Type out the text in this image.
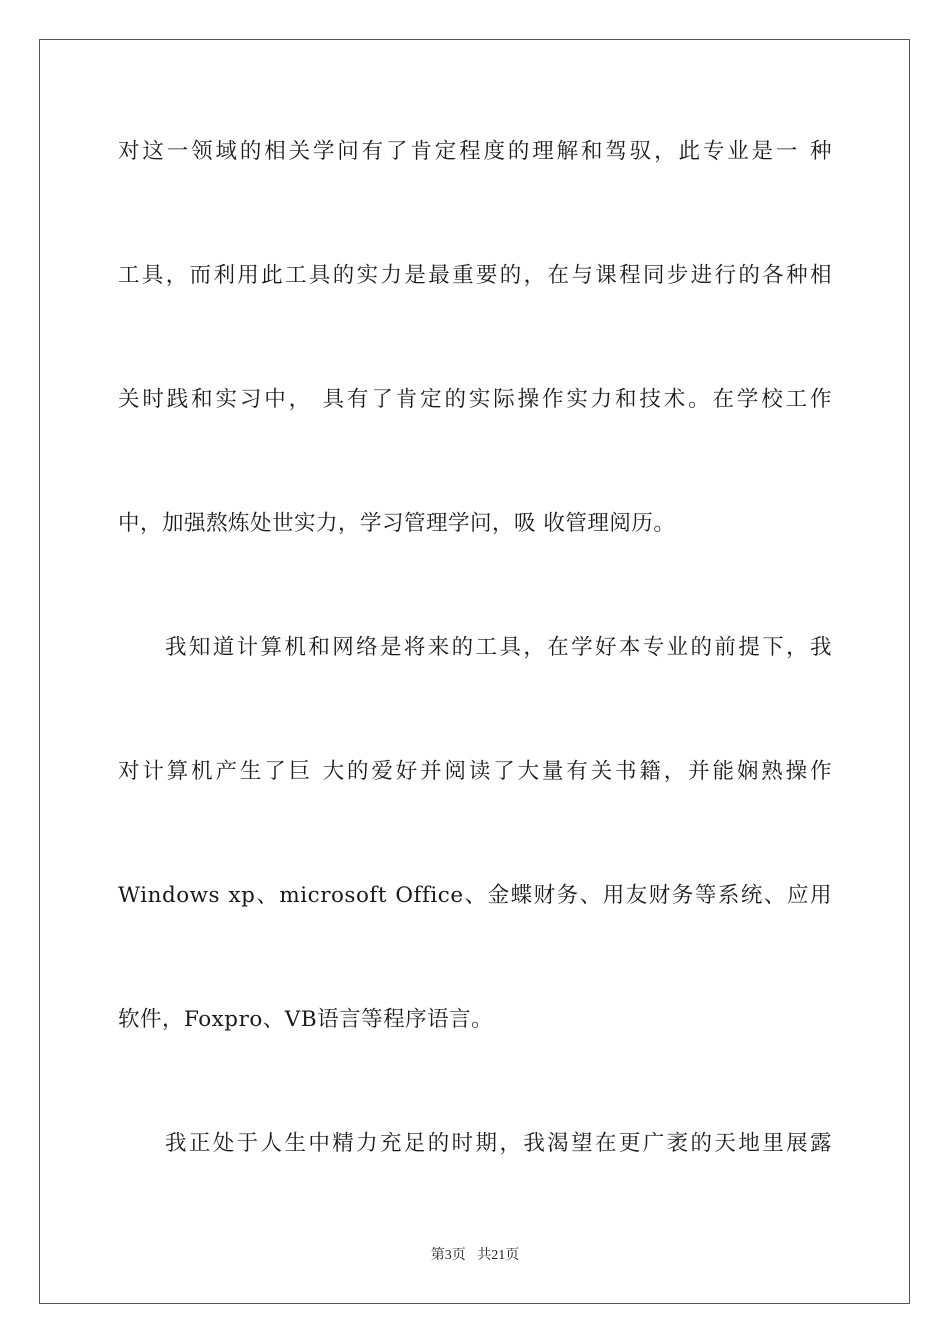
对这一领域的相关学问有了肯定程度的理解和驾驭，此专业是一 种
工具，而利用此工具的实力是最重要的，在与课程同步进行的各种相
关时践和实习中， 具有了肯定的实际操作实力和技术。在学校工作
中，加强熬炼处世实力，学习管理学问，吸 收管理阅历。
我知道计算机和网络是将来的工具，在学好本专业的前提下，我
对计算机产生了巨 大的爱好并阅读了大量有关书籍，并能娴熟操作
Windows xp、microsoft Office、金蝶财务、用友财务等系统、应用
软件，Foxpro、VB语言等程序语言。
我正处于人生中精力充足的时期，我渴望在更广袤的天地里展露
第3页 共21页
